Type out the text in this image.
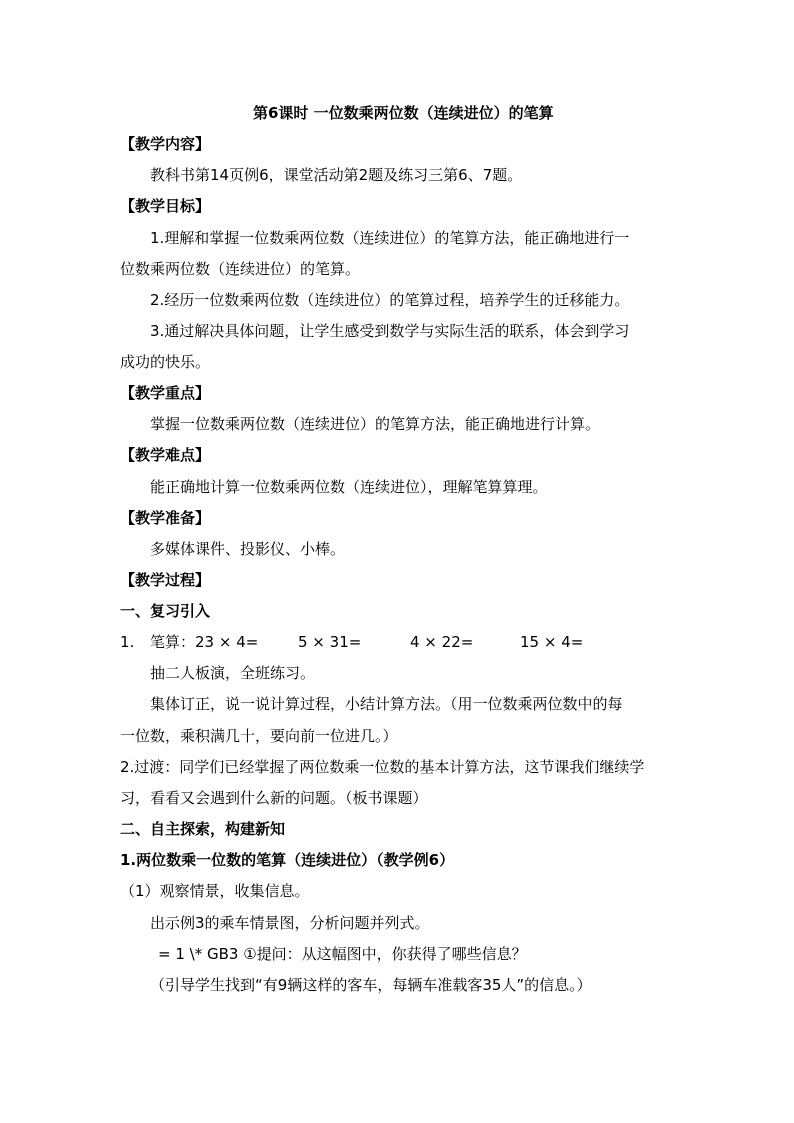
第6课时 一位数乘两位数（连续进位）的笔算
【教学内容】
教科书第14页例6，课堂活动第2题及练习三第6、7题。
【教学目标】
1.理解和掌握一位数乘两位数（连续进位）的笔算方法，能正确地进行一
位数乘两位数（连续进位）的笔算。
2.经历一位数乘两位数（连续进位）的笔算过程，培养学生的迁移能力。
3.通过解决具体问题，让学生感受到数学与实际生活的联系，体会到学习
成功的快乐。
【教学重点】
掌握一位数乘两位数（连续进位）的笔算方法，能正确地进行计算。
【教学难点】
能正确地计算一位数乘两位数（连续进位），理解笔算算理。
【教学准备】
多媒体课件、投影仪、小棒。
【教学过程】
一、复习引入
1. 笔算：23 × 4=	5 × 31=	4 × 22=	15 × 4=
抽二人板演，全班练习。
集体订正，说一说计算过程，小结计算方法。（用一位数乘两位数中的每
一位数，乘积满几十，要向前一位进几。）
2.过渡：同学们已经掌握了两位数乘一位数的基本计算方法，这节课我们继续学
习，看看又会遇到什么新的问题。（板书课题）
二、自主探索，构建新知
1.两位数乘一位数的笔算（连续进位）（教学例6）
（1）观察情景，收集信息。
出示例3的乘车情景图，分析问题并列式。
= 1 \* GB3 ①提问：从这幅图中，你获得了哪些信息？
（引导学生找到“有9辆这样的客车，每辆车准载客35人”的信息。）
